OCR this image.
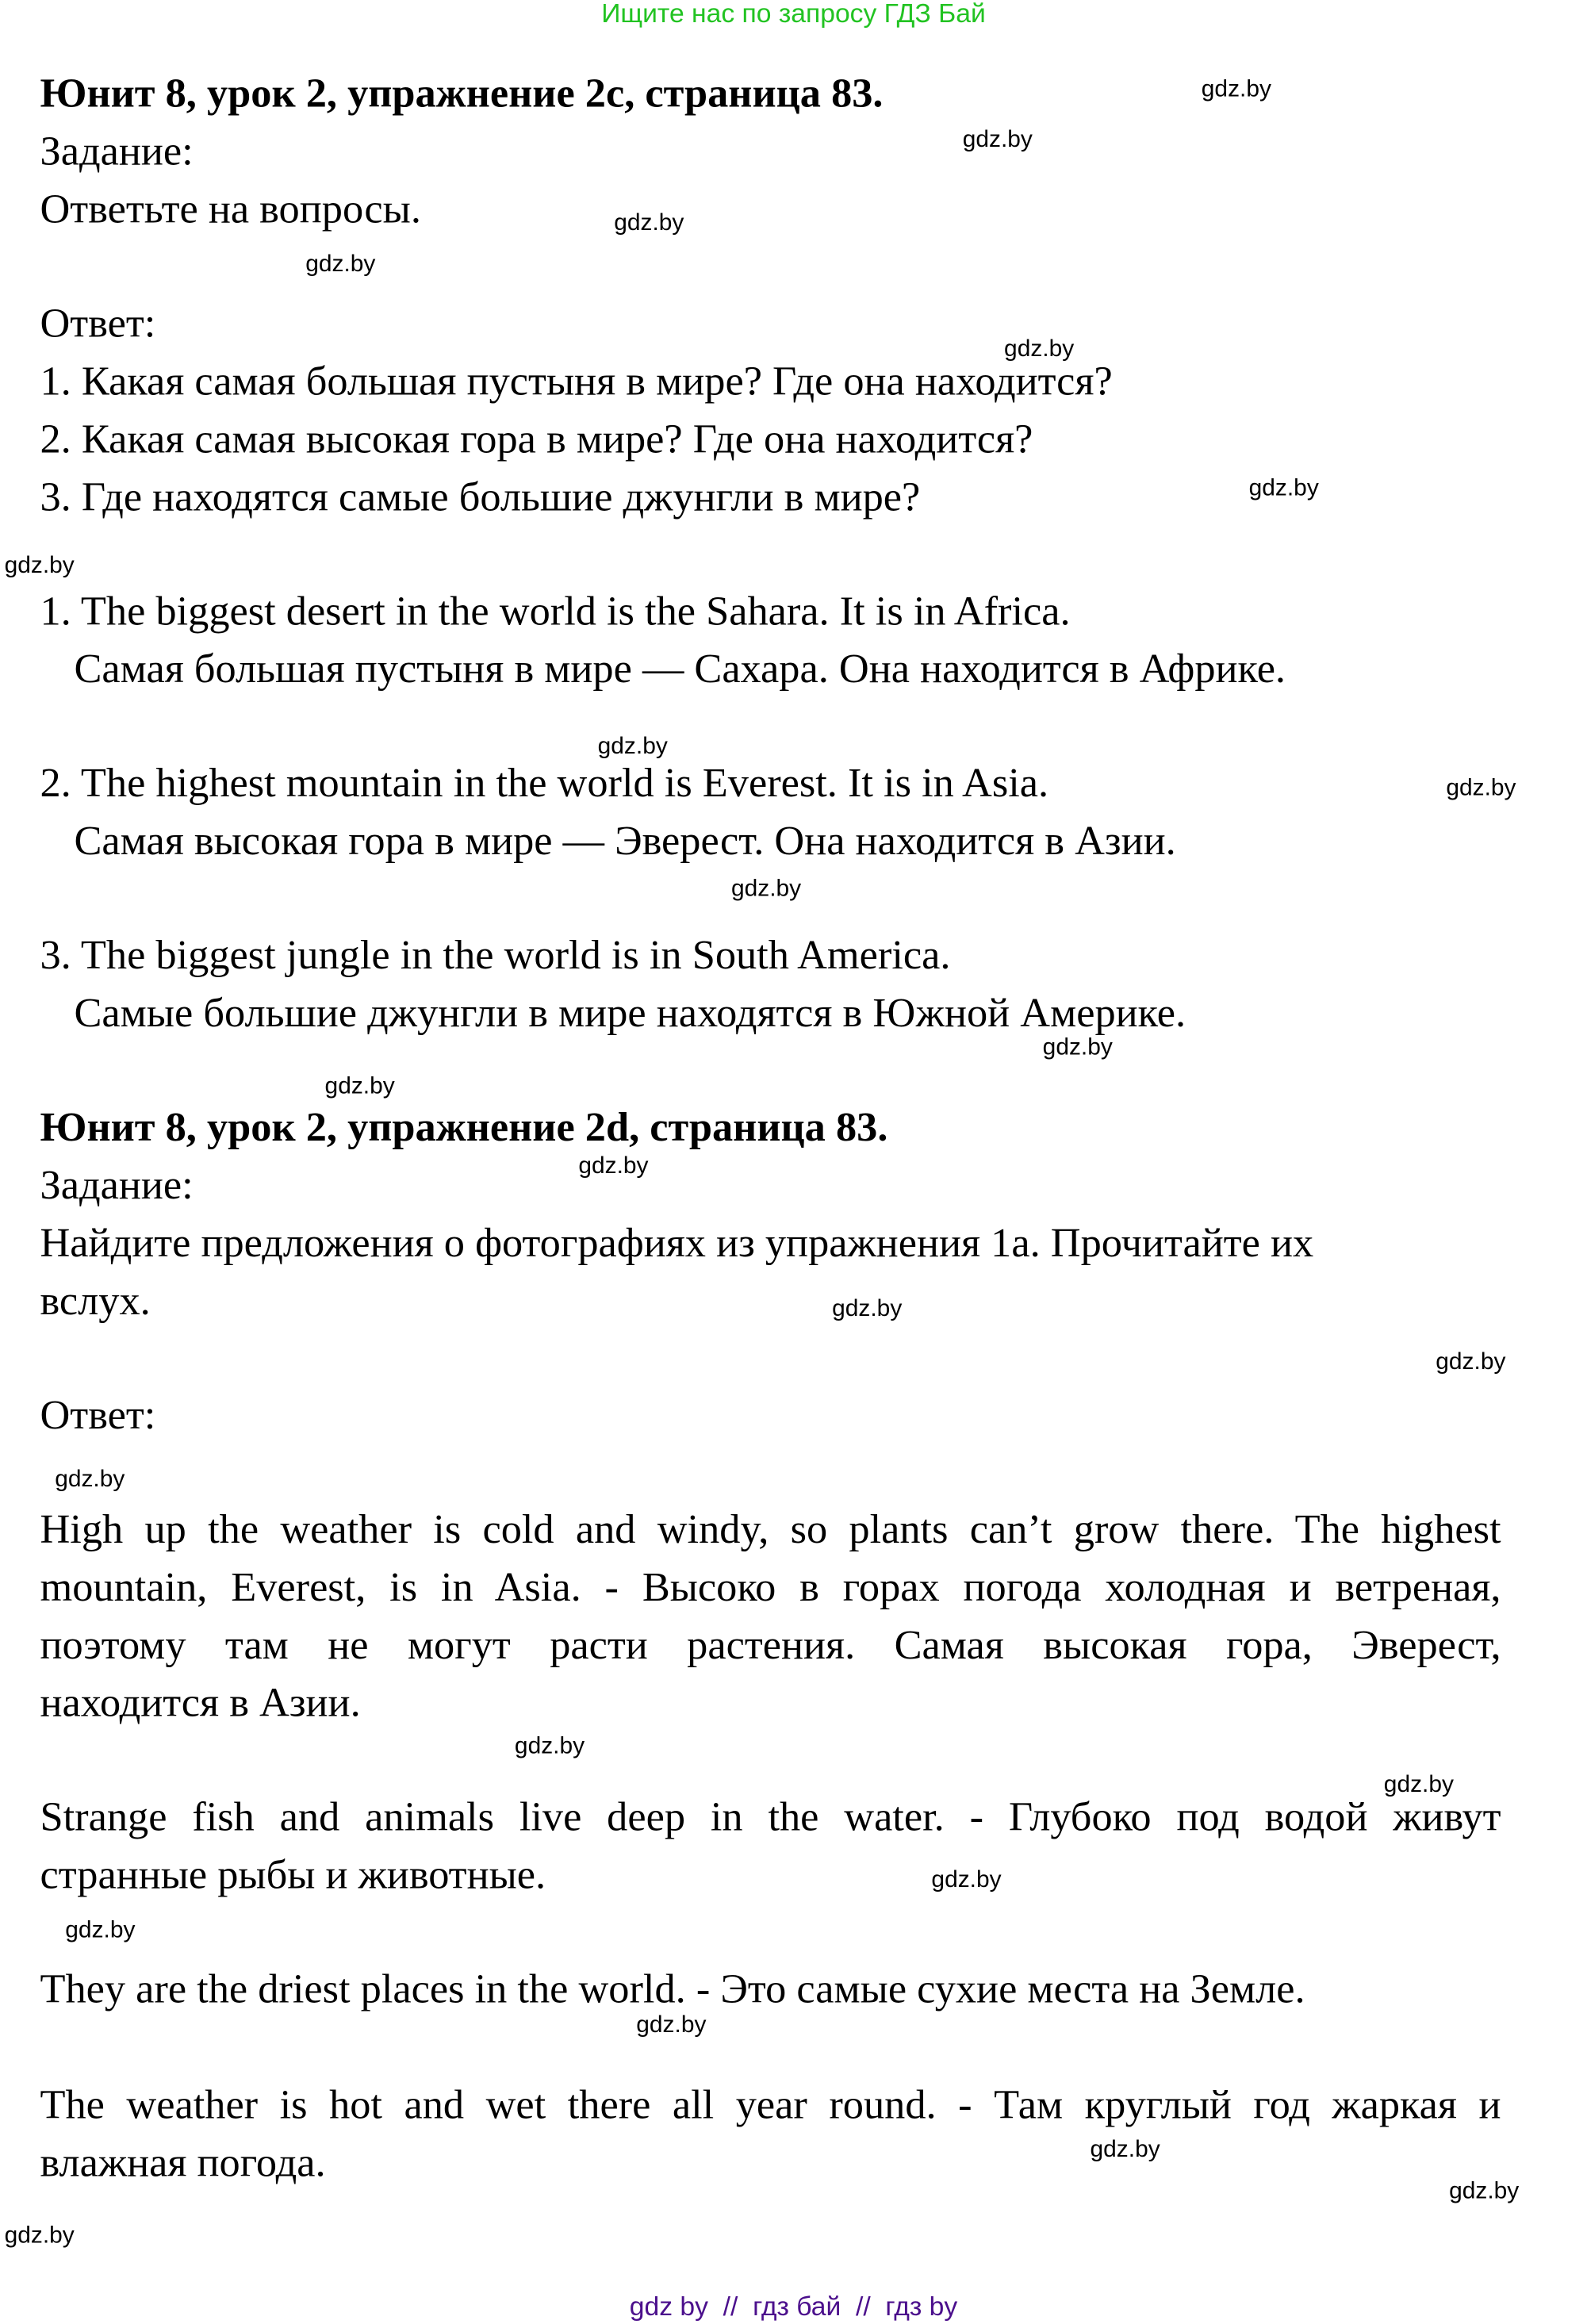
Ищите нас по запросу ГДЗ Бай
Юнит 8, урок 2, упражнение 2c, страница 83.
Задание:
Ответьте на вопросы.
Ответ:
1. Какая самая большая пустыня в мире? Где она находится?
2. Какая самая высокая гора в мире? Где она находится?
3. Где находятся самые большие джунгли в мире?
1. The biggest desert in the world is the Sahara. It is in Africa.
Самая большая пустыня в мире — Сахара. Она находится в Африке.
2. The highest mountain in the world is Everest. It is in Asia.
Самая высокая гора в мире — Эверест. Она находится в Азии.
3. The biggest jungle in the world is in South America.
Самые большие джунгли в мире находятся в Южной Америке.
Юнит 8, урок 2, упражнение 2d, страница 83.
Задание:
Найдите предложения о фотографиях из упражнения 1а. Прочитайте их
вслух.
Ответ:
High up the weather is cold and windy, so plants can’t grow there. The highest
mountain, Everest, is in Asia. - Высоко в горах погода холодная и ветреная,
поэтому там не могут расти растения. Самая высокая гора, Эверест,
находится в Азии.
Strange fish and animals live deep in the water. - Глубоко под водой живут
странные рыбы и животные.
They are the driest places in the world. - Это самые сухие места на Земле.
The weather is hot and wet there all year round. - Там круглый год жаркая и
влажная погода.
gdz.by
gdz.by
gdz.by
gdz.by
gdz.by
gdz.by
gdz.by
gdz.by
gdz.by
gdz.by
gdz.by
gdz.by
gdz.by
gdz.by
gdz.by
gdz.by
gdz.by
gdz.by
gdz.by
gdz.by
gdz.by
gdz.by
gdz.by
gdz.by
gdz by  //  гдз бай  //  гдз by
